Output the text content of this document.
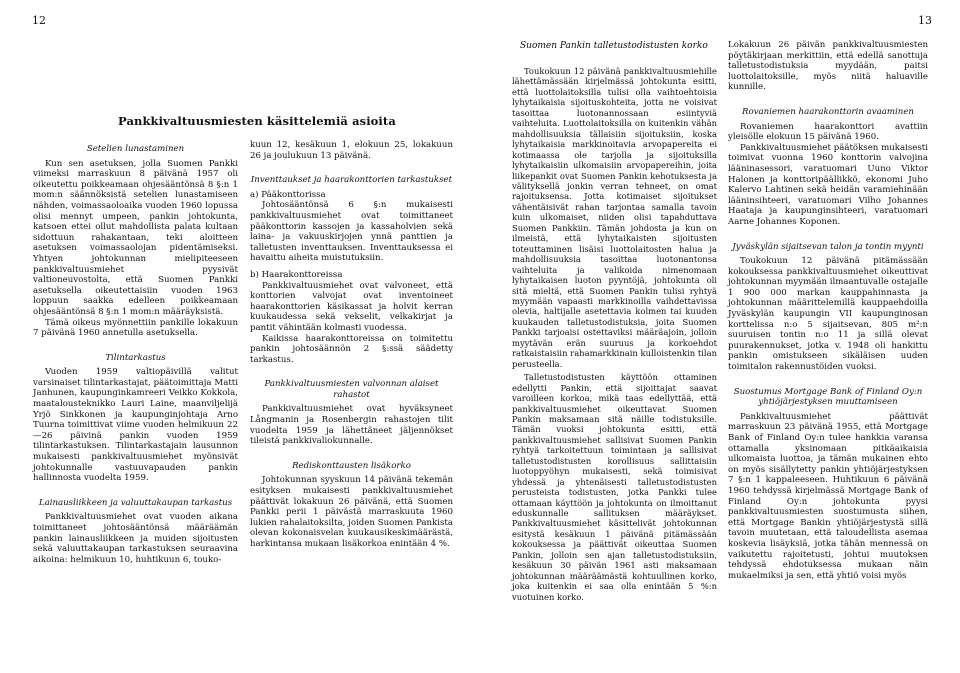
12
Pankkivaltuusmiesten käsittelemiä asioita
Setelien lunastaminen

Kun sen asetuksen, jolla Suomen Pankki viimeksi marraskuun 8 päivänä 1957 oli oikeutettu poikkeamaan ohjesääntönsä 8 §:n 1 mom:n säännöksistä setelien lunastamiseen nähden, voimassaoloaika vuoden 1960 lopussa olisi mennyt umpeen, pankin johtokunta, katsoen ettei ollut mahdollista palata kultaan sidottuun rahakantaan, teki aloitteen asetuksen voimassaolojan pidentämiseksi. Yhtyen johtokunnan mielipiteeseen pankkivaltuusmiehet pyysivät valtioneuvostolta, että Suomen Pankki asetuksella oikeutettaisiin vuoden 1963 loppuun saakka edelleen poikkeamaan ohjesääntönsä 8 §:n 1 mom:n määräyksistä.

Tämä oikeus myönnettiin pankille lokakuun 7 päivänä 1960 annetulla asetuksella.

Tilintarkastus

Vuoden 1959 valtiopäivillä valitut varsinaiset tilintarkastajat, päätoimittaja Matti Janhunen, kaupunginkamreeri Veikko Kokkola, maatalousteknikko Lauri Laine, maanviljelijä Yrjö Sinkkonen ja kaupunginjohtaja Arno Tuurna toimittivat viime vuoden helmikuun 22—26 päivinä pankin vuoden 1959 tilintarkastuksen. Tilintarkastajain lausunnon mukaisesti pankkivaltuusmiehet myönsivät johtokunnalle vastuuvapauden pankin hallinnosta vuodelta 1959.

Lainausliikkeen ja valuuttakaupan tarkastus

Pankkivaltuusmiehet ovat vuoden aikana toimittaneet johtosääntönsä määräämän pankin lainausliikkeen ja muiden sijoitusten sekä valuuttakaupan tarkastuksen seuraavina aikoina: helmikuun 10, huhtikuun 6, touko-

kuun 12, kesäkuun 1, elokuun 25, lokakuun 26 ja joulukuun 13 päivänä.

Inventtaukset ja haarakonttorien tarkastukset

a) Pääkonttorissa

Johtosääntönsä 6 §:n mukaisesti pankkivaltuusmiehet ovat toimittaneet pääkonttorin kassojen ja kassaholvien sekä laina- ja vakuuskirjojen ynnä panttien ja talletusten inventtauksen. Inventtauksessa ei havaittu aiheita muistutuksiin.

b) Haarakonttoreissa

Pankkivaltuusmiehet ovat valvoneet, että konttorien valvojat ovat inventoineet haarakonttorien käsikassat ja holvit kerran kuukaudessa sekä vekselit, velkakirjat ja pantit vähintään kolmasti vuodessa.

Kaikissa haarakonttoreissa on toimitettu pankin johtosäännön 2 §:ssä säädetty tarkastus.

Pankkivaltuusmiesten valvonnan alaiset rahastot

Pankkivaltuusmiehet ovat hyväksyneet Långmanin ja Rosenbergin rahastojen tilit vuodelta 1959 ja lähettäneet jäljennökset tileistä pankkivaliokunnalle.

Rediskonttausten lisäkorko

Johtokunnan syyskuun 14 päivänä tekemän esityksen mukaisesti pankkivaltuusmiehet päättivät lokakuun 26 päivänä, että Suomen Pankki perii 1 päivästä marraskuuta 1960 lukien rahalaitoksilta, joiden Suomen Pankista olevan kokonaisvelan kuukausikeskimäärästä, harkintansa mukaan lisäkorkoa enintään 4 %.

13
Suomen Pankin talletustodistusten korko

Toukokuun 12 päivänä pankkivaltuusmiehille lähettämässään kirjelmässä johtokunta esitti, että luottolaitoksilla tulisi olla vaihtoehtoisia lyhytaikaisia sijoituskohteita, jotta ne voisivat tasoittaa luotonannossaan esiintyviä vaihteluita. Luottolaitoksilla on kuitenkin vähän mahdollisuuksia tällaisiin sijoituksiin, koska lyhytaikaisia markkinoitavia arvopapereita ei kotimaassa ole tarjolla ja sijoituksilla lyhytaikaisiin ulkomaisiin arvopapereihin, joita liikepankit ovat Suomen Pankin kehotuksesta ja välityksellä jonkin verran tehneet, on omat rajoituksensa. Jotta kotimaiset sijoitukset vähentäisivät rahan tarjontaa samalla tavoin kuin ulkomaiset, niiden olisi tapahduttava Suomen Pankkiin. Tämän johdosta ja kun on ilmeistä, että lyhytaikaisten sijoitusten toteuttaminen lisäisi luottolaitosten halua ja mahdollisuuksia tasoittaa luotonantonsa vaihteluita ja valikoida nimenomaan lyhytaikaisen luoton pyyntöjä, johtokunta oli sitä mieltä, että Suomen Pankin tulisi ryhtyä myymään vapaasti markkinoilla vaihdettavissa olevia, haltijalle asetettavia kolmen tai kuuden kuukauden talletustodistuksia, joita Suomen Pankki tarjoaisi ostettaviksi määräajoin, jolloin myytävän erän suuruus ja korkoehdot ratkaistaisiin rahamarkkinain kulloistenkin tilan perusteella.

Talletustodistusten käyttöön ottaminen edellytti Pankin, että sijoittajat saavat varoilleen korkoa, mikä taas edellyttää, että pankkivaltuusmiehet oikeuttavat Suomen Pankin maksamaan sitä näille todistuksille. Tämän vuoksi johtokunta esitti, että pankkivaltuusmiehet sallisivat Suomen Pankin ryhtyä tarkoitettuun toimintaan ja sallisivat talletustodistusten korollisuus sallittaisiin luotoppyöhyn mukaisesti, sekä toimisivat yhdessä ja yhtenäisesti talletustodistusten perusteista todistusten, jotka Pankki tulee ottamaan käyttöön ja johtokunta on ilmoittanut eduskunnalle sallituksen määräykset. Pankkivaltuusmiehet käsittelivät johtokunnan esitystä kesäkuun 1 päivänä pitämässään kokouksessa ja päättivät oikeuttaa Suomen Pankin, jolloin sen ajan talletustodistuksiin, kesäkuun 30 päivän 1961 asti maksamaan johtokunnan määräämästä kohtuullinen korko, joka kuitenkin ei saa olla enintään 5 %:n vuotuinen korko.

Lokakuun 26 päivän pankkivaltuusmiesten pöytäkirjaan merkittiin, että edellä sanottuja talletustodistuksia myydään, paitsi luottolaitoksille, myös niitä haluaville kunnille.

Rovaniemen haarakonttorin avaaminen

Rovaniemen haarakonttori avattiin yleisölle elokuun 15 päivänä 1960.

Pankkivaltuusmiehet päätöksen mukaisesti toimivat vuonna 1960 konttorin valvojina lääninasessori, varatuomari Uuno Viktor Halonen ja konttoripäällikkö, ekonomi Juho Kalervo Lahtinen sekä heidän varamiehinään lääninsihteeri, varatuomari Vilho Johannes Haataja ja kaupunginsihteeri, varatuomari Aarne Johannes Koponen.

Jyväskylän sijaitsevan talon ja tontin myynti

Toukokuun 12 päivänä pitämässään kokouksessa pankkivaltuusmiehet oikeuttivat johtokunnan myymään ilmaantuvalle ostajalle 1 900 000 markan kauppahinnasta ja johtokunnan määrittelemillä kauppaehdoilla Jyväskylän kaupungin VII kaupunginosan korttelissa n:o 5 sijaitsevan, 805 m²:n suuruisen tontin n:o 11 ja sillä olevat puurakennukset, jotka v. 1948 oli hankittu pankin omistukseen sikäläisen uuden toimitalon rakennustöiden vuoksi.

Suostumus Mortgage Bank of Finland Oy:n yhtiöjärjestyksen muuttamiseen

Pankkivaltuusmiehet päättivät marraskuun 23 päivänä 1955, että Mortgage Bank of Finland Oy:n tulee hankkia varansa ottamalla yksinomaan pitkäaikaisia ulkomaista luottoa, ja tämän mukainen ehto on myös sisällytetty pankin yhtiöjärjestyksen 7 §:n 1 kappaleeseen. Huhtikuun 6 päivänä 1960 tehdyssä kirjelmässä Mortgage Bank of Finland Oy:n johtokunta pyysi pankkivaltuusmiesten suostumusta siihen, että Mortgage Bankin yhtiöjärjestystä sillä tavoin muutetaan, että taloudellista asemaa koskevia lisäyksiä, jotka tähän mennessä on vaikutettu rajoitetusti, johtui muutoksen tehdyssä ehdotuksessa mukaan näin mukaelmiksi ja sen, että yhtiö voisi myös
